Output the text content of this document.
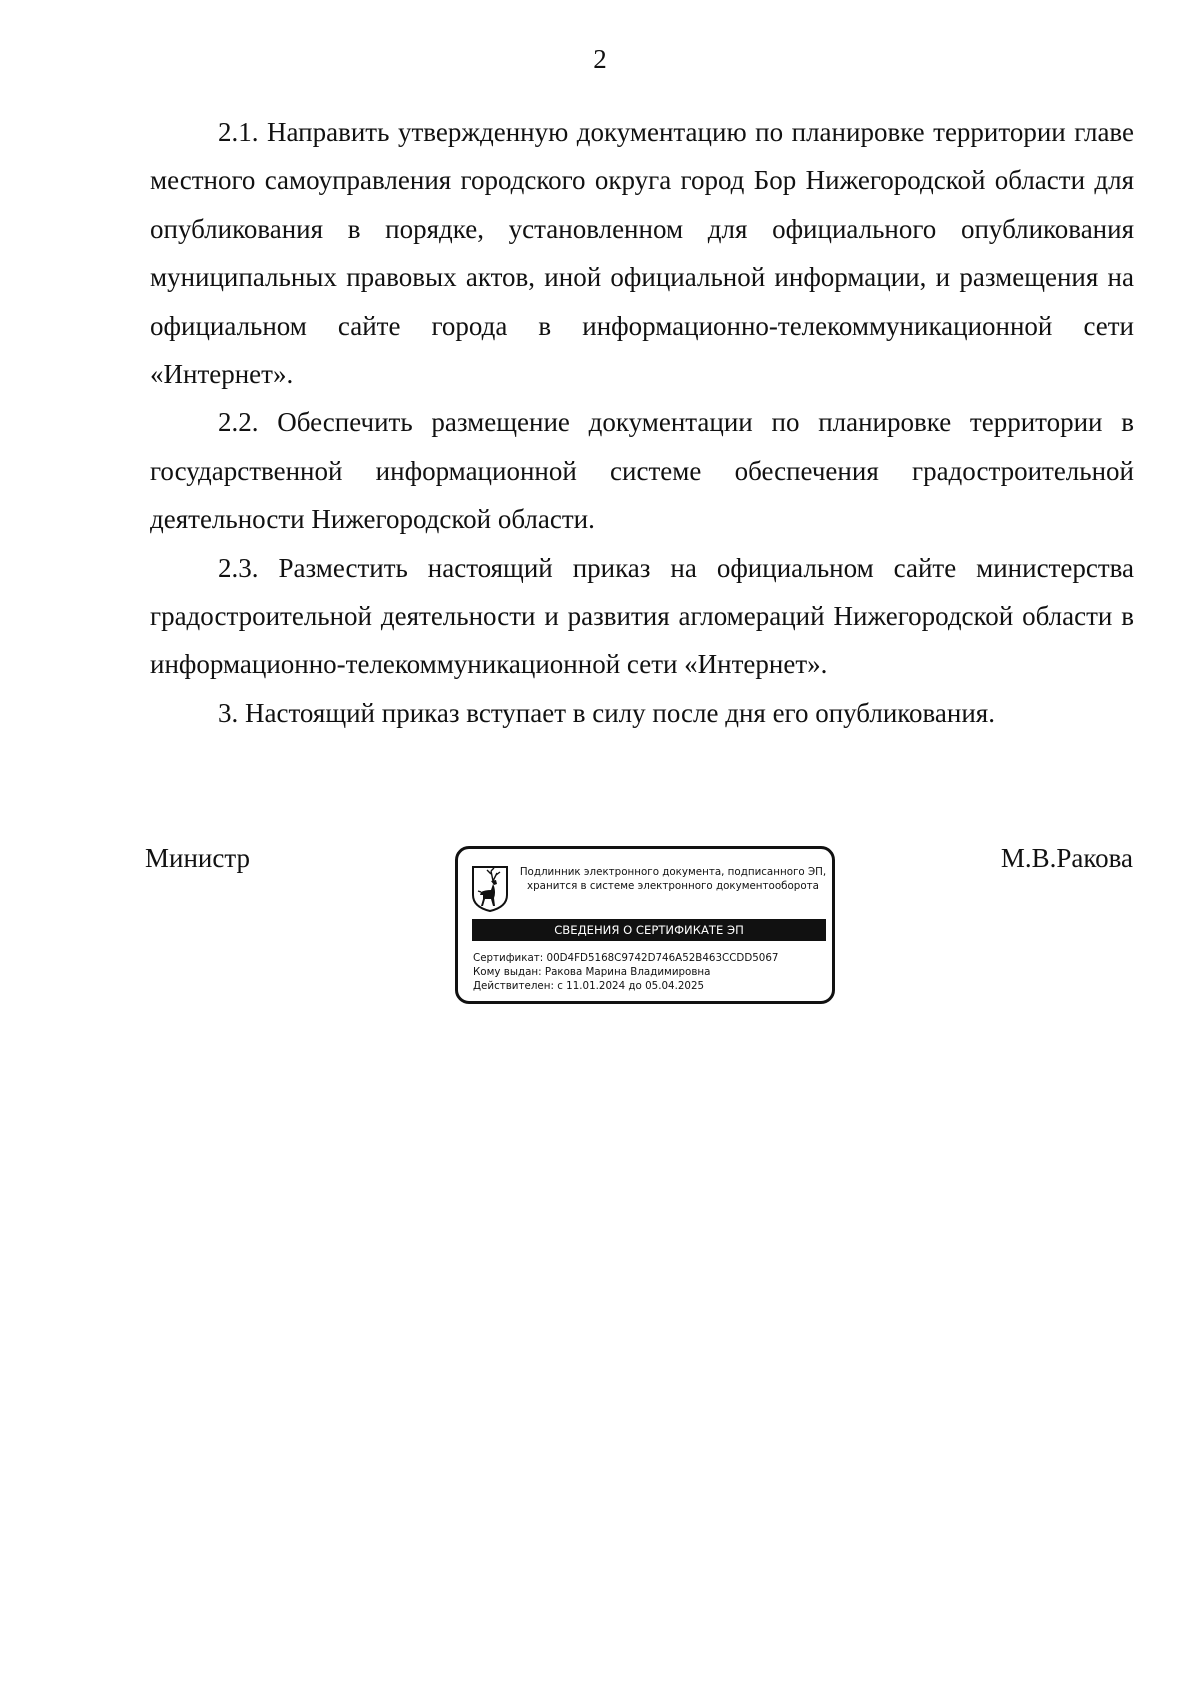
2

2.1. Направить утвержденную документацию по планировке территории главе местного самоуправления городского округа город Бор Нижегородской области для опубликования в порядке, установленном для официального опубликования муниципальных правовых актов, иной официальной информации, и размещения на официальном сайте города в информационно-телекоммуникационной сети «Интернет».

2.2. Обеспечить размещение документации по планировке территории в государственной информационной системе обеспечения градостроительной деятельности Нижегородской области.

2.3. Разместить настоящий приказ на официальном сайте министерства градостроительной деятельности и развития агломераций Нижегородской области в информационно-телекоммуникационной сети «Интернет».

3. Настоящий приказ вступает в силу после дня его опубликования.

Министр	М.В.Ракова
Подлинник электронного документа, подписанного ЭП,
хранится в системе электронного документооборота
СВЕДЕНИЯ О СЕРТИФИКАТЕ ЭП
Сертификат: 00D4FD5168C9742D746A52B463CCDD5067
Кому выдан: Ракова Марина Владимировна
Действителен: с 11.01.2024 до 05.04.2025
